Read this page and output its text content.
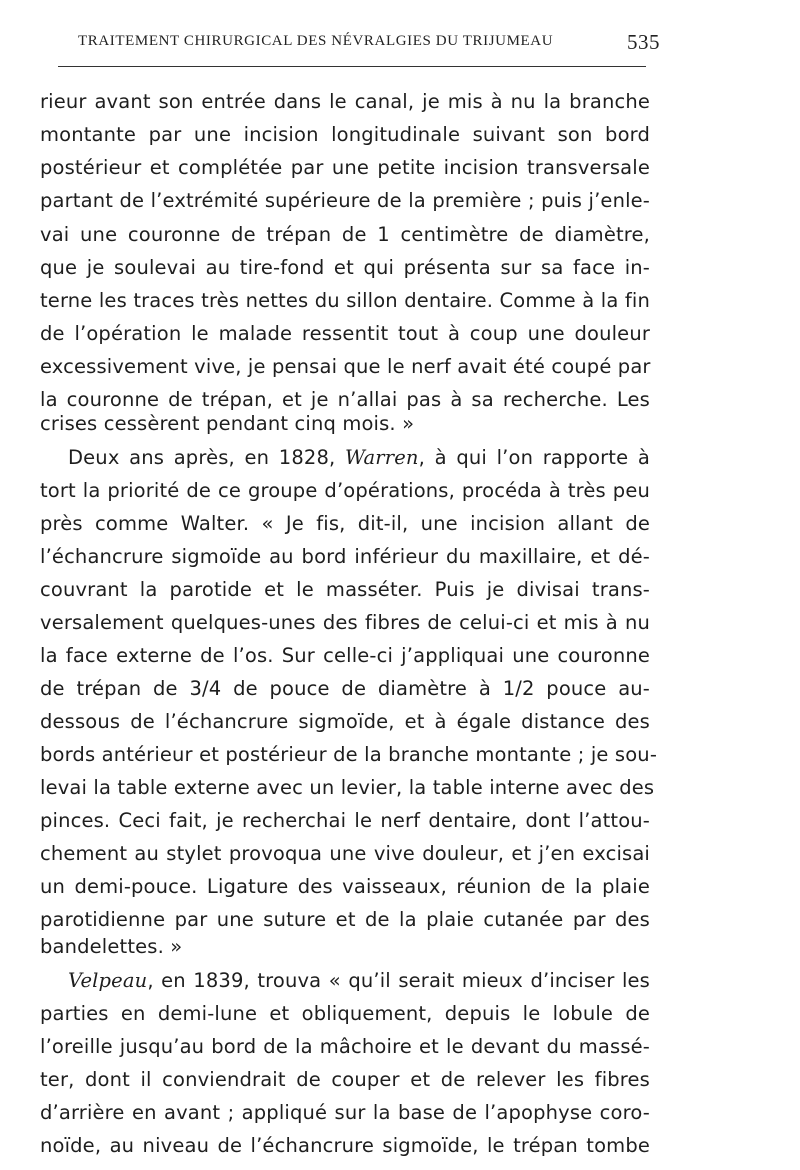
TRAITEMENT CHIRURGICAL DES NÉVRALGIES DU TRIJUMEAU	535
rieur avant son entrée dans le canal, je mis à nu la branche
montante par une incision longitudinale suivant son bord
postérieur et complétée par une petite incision transversale
partant de l’extrémité supérieure de la première ; puis j’enle-
vai une couronne de trépan de 1 centimètre de diamètre,
que je soulevai au tire-fond et qui présenta sur sa face in-
terne les traces très nettes du sillon dentaire. Comme à la fin
de l’opération le malade ressentit tout à coup une douleur
excessivement vive, je pensai que le nerf avait été coupé par
la couronne de trépan, et je n’allai pas à sa recherche. Les
crises cessèrent pendant cinq mois. »
Deux ans après, en 1828, Warren, à qui l’on rapporte à
tort la priorité de ce groupe d’opérations, procéda à très peu
près comme Walter. « Je fis, dit-il, une incision allant de
l’échancrure sigmoïde au bord inférieur du maxillaire, et dé-
couvrant la parotide et le masséter. Puis je divisai trans-
versalement quelques-unes des fibres de celui-ci et mis à nu
la face externe de l’os. Sur celle-ci j’appliquai une couronne
de trépan de 3/4 de pouce de diamètre à 1/2 pouce au-
dessous de l’échancrure sigmoïde, et à égale distance des
bords antérieur et postérieur de la branche montante ; je sou-
levai la table externe avec un levier, la table interne avec des
pinces. Ceci fait, je recherchai le nerf dentaire, dont l’attou-
chement au stylet provoqua une vive douleur, et j’en excisai
un demi-pouce. Ligature des vaisseaux, réunion de la plaie
parotidienne par une suture et de la plaie cutanée par des
bandelettes. »
Velpeau, en 1839, trouva « qu’il serait mieux d’inciser les
parties en demi-lune et obliquement, depuis le lobule de
l’oreille jusqu’au bord de la mâchoire et le devant du massé-
ter, dont il conviendrait de couper et de relever les fibres
d’arrière en avant ; appliqué sur la base de l’apophyse coro-
noïde, au niveau de l’échancrure sigmoïde, le trépan tombe
